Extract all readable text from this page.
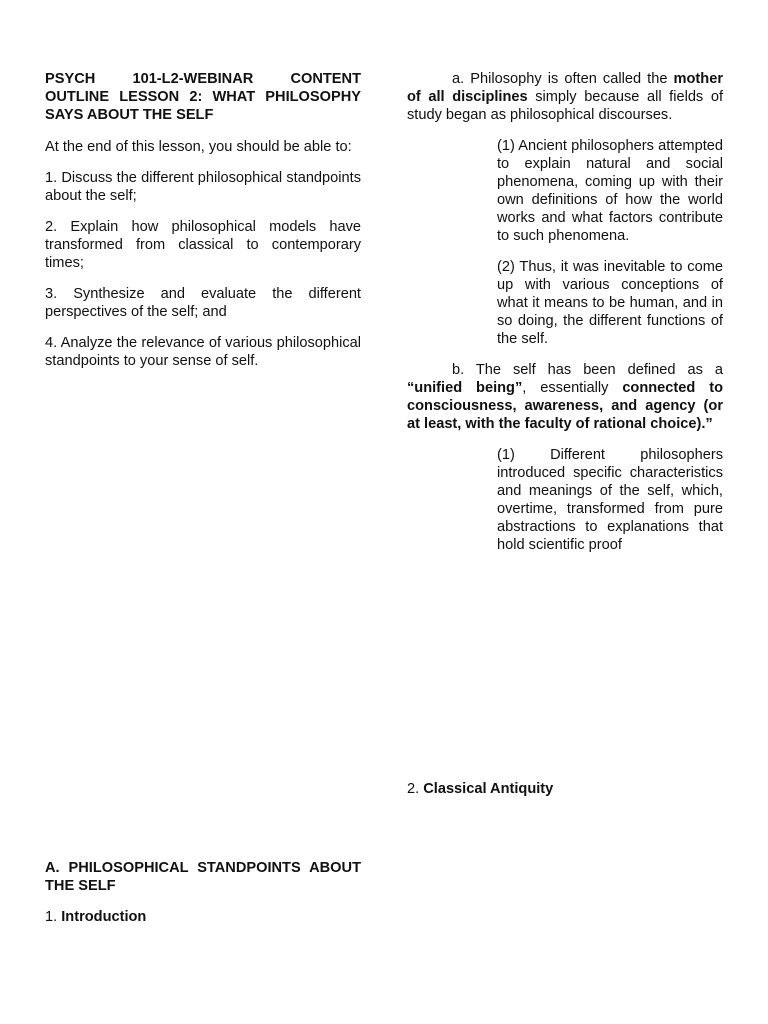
PSYCH 101-L2-WEBINAR CONTENT OUTLINE LESSON 2: WHAT PHILOSOPHY SAYS ABOUT THE SELF

At the end of this lesson, you should be able to:

1. Discuss the different philosophical standpoints about the self;

2. Explain how philosophical models have transformed from classical to contemporary times;

3. Synthesize and evaluate the different perspectives of the self; and

4. Analyze the relevance of various philosophical standpoints to your sense of self.

A. PHILOSOPHICAL STANDPOINTS ABOUT THE SELF

1. Introduction

a. Philosophy is often called the mother of all disciplines simply because all fields of study began as philosophical discourses.

(1) Ancient philosophers attempted to explain natural and social phenomena, coming up with their own definitions of how the world works and what factors contribute to such phenomena.

(2) Thus, it was inevitable to come up with various conceptions of what it means to be human, and in so doing, the different functions of the self.

b. The self has been defined as a “unified being”, essentially connected to consciousness, awareness, and agency (or at least, with the faculty of rational choice).”

(1) Different philosophers introduced specific characteristics and meanings of the self, which, overtime, transformed from pure abstractions to explanations that hold scientific proof

2. Classical Antiquity
